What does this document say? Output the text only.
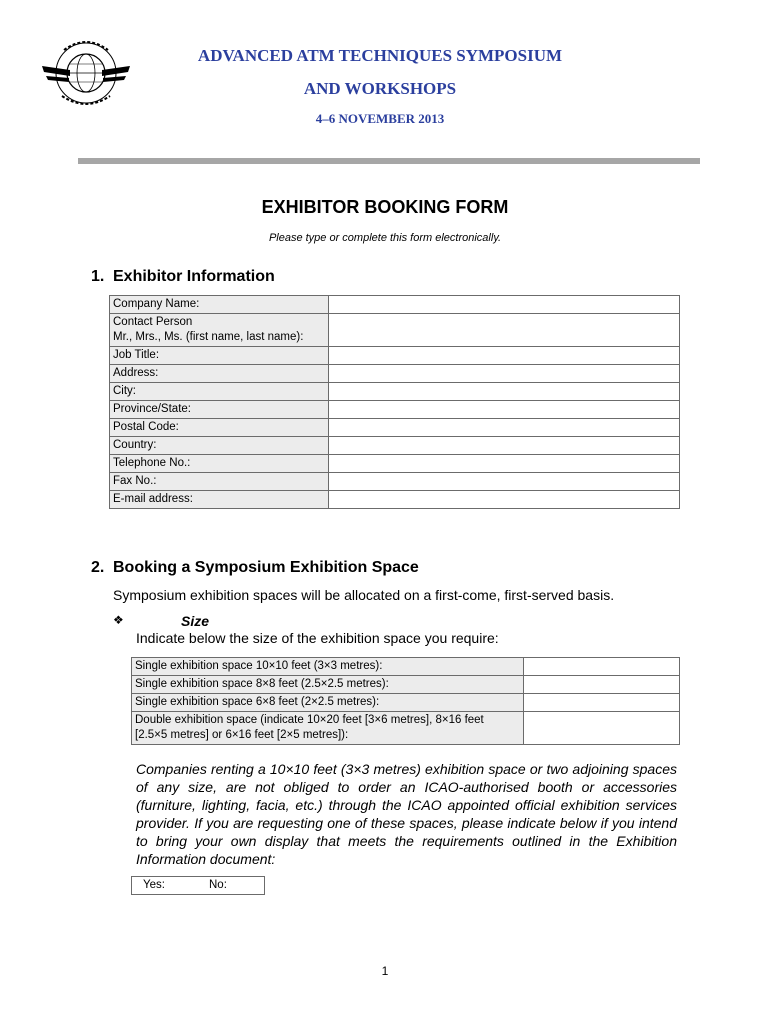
ADVANCED ATM TECHNIQUES SYMPOSIUM
AND WORKSHOPS
4–6 NOVEMBER 2013
EXHIBITOR BOOKING FORM
Please type or complete this form electronically.
1. Exhibitor Information
Company Name:	

Contact Person
Mr., Mrs., Ms. (first name, last name):	

Job Title:	
Address:	
City:	
Province/State:	
Postal Code:	
Country:	
Telephone No.:	
Fax No.:	
E-mail address:	
2. Booking a Symposium Exhibition Space
Symposium exhibition spaces will be allocated on a first-come, first-served basis.
❖	Size
Indicate below the size of the exhibition space you require:
Single exhibition space 10×10 feet (3×3 metres):	
Single exhibition space 8×8 feet (2.5×2.5 metres):	
Single exhibition space 6×8 feet (2×2.5 metres):	

Double exhibition space (indicate 10×20 feet [3×6 metres], 8×16 feet
[2.5×5 metres] or 6×16 feet [2×5 metres]):	

Companies renting a 10×10 feet (3×3 metres) exhibition space or two adjoining spaces of any size, are not obliged to order an ICAO-authorised booth or accessories (furniture, lighting, facia, etc.) through the ICAO appointed official exhibition services provider. If you are requesting one of these spaces, please indicate below if you intend to bring your own display that meets the requirements outlined in the Exhibition Information document:
Yes:	No:
1
